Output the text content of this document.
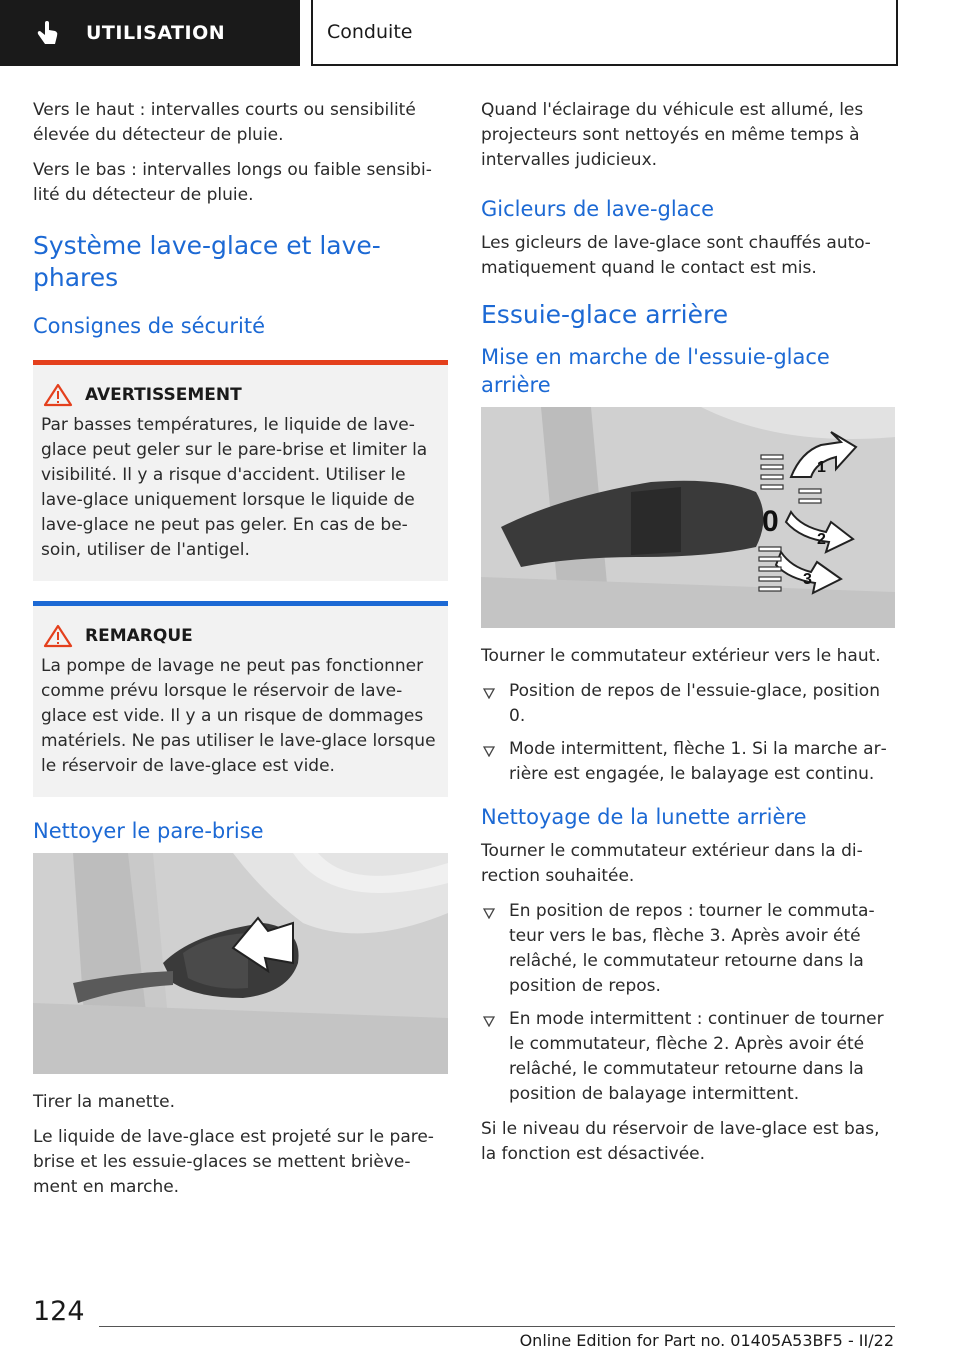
UTILISATION	Conduite

Vers le haut : intervalles courts ou sensibilité élevée du détecteur de pluie.

Vers le bas : intervalles longs ou faible sensibilité du détecteur de pluie.

Système lave-glace et lave-phares
Consignes de sécurité
AVERTISSEMENT

Par basses températures, le liquide de lave-glace peut geler sur le pare-brise et limiter la visibilité. Il y a risque d'accident. Utiliser le lave-glace uniquement lorsque le liquide de lave-glace ne peut pas geler. En cas de besoin, utiliser de l'antigel.

REMARQUE

La pompe de lavage ne peut pas fonctionner comme prévu lorsque le réservoir de lave-glace est vide. Il y a un risque de dommages matériels. Ne pas utiliser le lave-glace lorsque le réservoir de lave-glace est vide.

Nettoyer le pare-brise

Tirer la manette.

Le liquide de lave-glace est projeté sur le pare-brise et les essuie-glaces se mettent brièvement en marche.

Quand l'éclairage du véhicule est allumé, les projecteurs sont nettoyés en même temps à intervalles judicieux.

Gicleurs de lave-glace

Les gicleurs de lave-glace sont chauffés automatiquement quand le contact est mis.

Essuie-glace arrière
Mise en marche de l'essuie-glace arrière
0
1
2
3

Tourner le commutateur extérieur vers le haut.

Position de repos de l'essuie-glace, position 0.
Mode intermittent, flèche 1. Si la marche arrière est engagée, le balayage est continu.
Nettoyage de la lunette arrière

Tourner le commutateur extérieur dans la direction souhaitée.

En position de repos : tourner le commutateur vers le bas, flèche 3. Après avoir été relâché, le commutateur retourne dans la position de repos.
En mode intermittent : continuer de tourner le commutateur, flèche 2. Après avoir été relâché, le commutateur retourne dans la position de balayage intermittent.

Si le niveau du réservoir de lave-glace est bas, la fonction est désactivée.

124
Online Edition for Part no. 01405A53BF5 - II/22
